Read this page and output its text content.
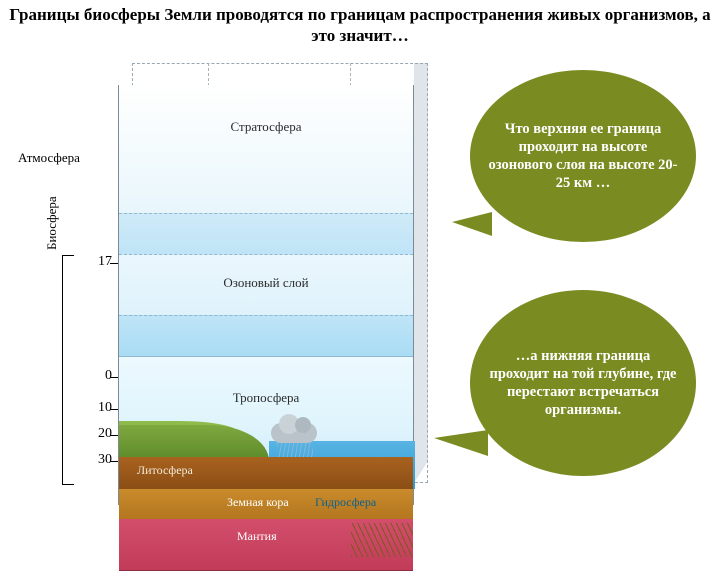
Границы биосферы Земли проводятся по границам распространения живых организмов, а это значит…
Атмосфера
Биосфера
17
0
10
20
30
Стратосфера
Озоновый слой
Тропосфера
Литосфера
Земная кора Гидросфера
Мантия
Что верхняя ее граница проходит на высоте озонового слоя на высоте 20-25 км …
…а нижняя граница проходит на той глубине, где перестают встречаться организмы.
